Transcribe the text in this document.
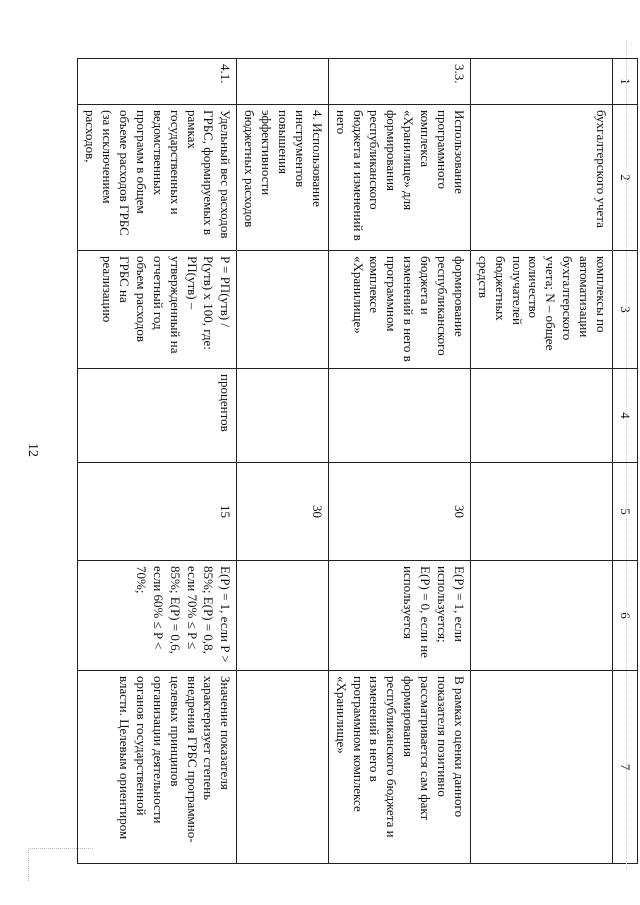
12
1	2	3	4	5	6	7
	бухгалтерского учета	комплексы по автоматизации бухгалтерского учета; N – общее количество получателей бюджетных средств				
3.3.	Использование программного комплекса «Хранилище» для формирования республиканского бюджета и изменений в него	формирование республиканского бюджета и изменений в него в программном комплексе «Хранилище»		30	E(P) = 1, если используется; E(P) = 0, если не используется	В рамках оценки данного показателя позитивно рассматривается сам факт формирования республиканского бюджета и изменений в него в программном комплексе «Хранилище»
	4. Использование инструментов повышения эффективности бюджетных расходов			30		
4.1.	Удельный вес расходов ГРБС, формируемых в рамках государственных и ведомственных программ в общем объеме расходов ГРБС (за исключением расходов,	P = PП(утв) / P(утв) x 100, где: PП(утв) – утвержденный на отчетный год объем расходов ГРБС на реализацию	процентов	15	E(P) = 1, если P > 85%; E(P) = 0,8, если 70% ≤ P ≤ 85%; E(P) = 0,6, если 60% ≤ P < 70%;	Значение показателя характеризует степень внедрения ГРБС программно-целевых принципов организации деятельности органов государственной власти. Целевым ориентиром
